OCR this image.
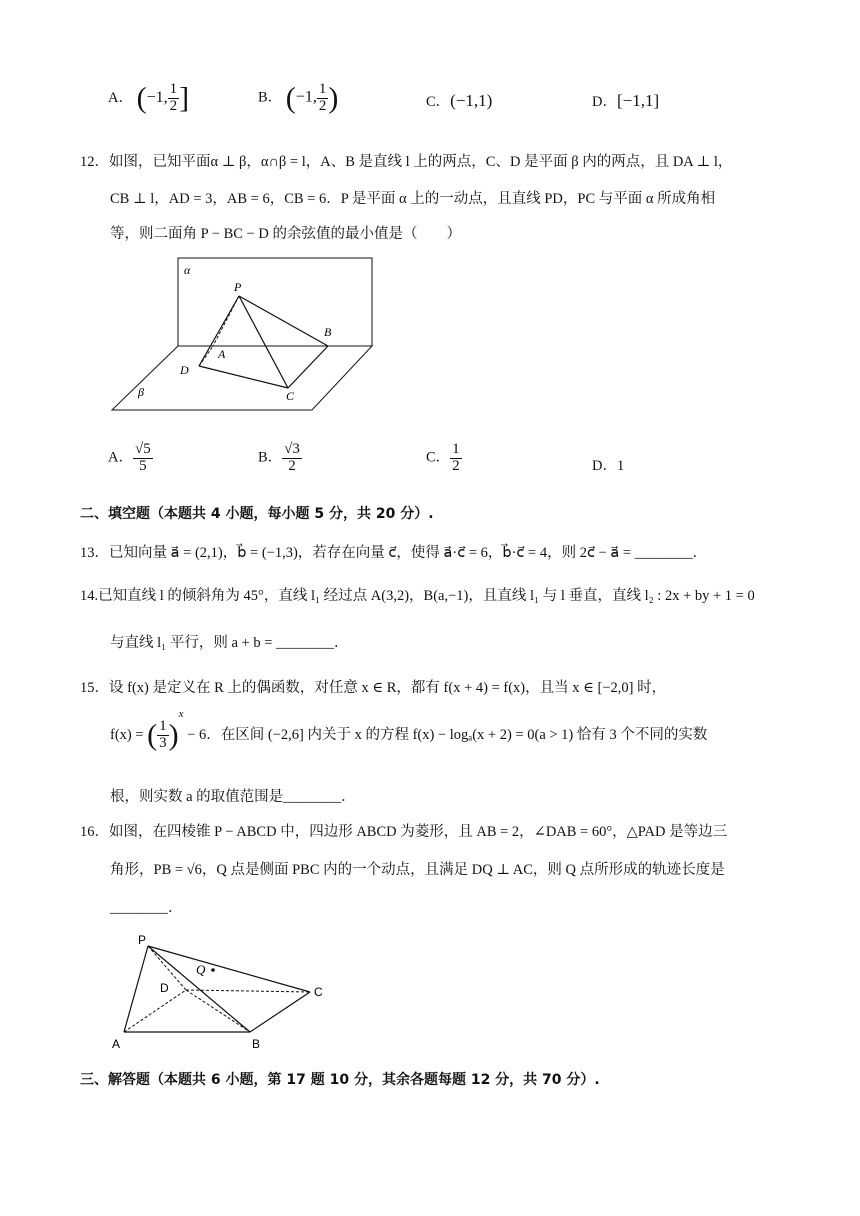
A． (−1, $\frac{1}{2}$ ]	B． (−1, $\frac{1}{2}$ )	C．(−1,1)	D．[−1,1]
12．如图，已知平面α ⊥ β，α∩β = l，A、B 是直线 l 上的两点，C、D 是平面 β 内的两点，且 DA ⊥ l，
CB ⊥ l，AD = 3，AB = 6，CB = 6．P 是平面 α 上的一动点，且直线 PD，PC 与平面 α 所成角相
等，则二面角 P − BC − D 的余弦值的最小值是（　　）
α
β
P
A
B
C
D
A． $\frac{√5}{5}$	B． $\frac{√3}{2}$	C． $\frac{1}{2}$	D．1
二、填空题（本题共 4 小题，每小题 5 分，共 20 分）.
13．已知向量 a⃗ = (2,1)，b⃗ = (−1,3)，若存在向量 c⃗，使得 a⃗·c⃗ = 6，b⃗·c⃗ = 4，则 2c⃗ − a⃗ = ________．
14.已知直线 l 的倾斜角为 45°，直线 l₁ 经过点 A(3,2)，B(a,−1)，且直线 l₁ 与 l 垂直，直线 l₂ : 2x + by + 1 = 0
与直线 l₁ 平行，则 a + b = ________．
15．设 f(x) 是定义在 R 上的偶函数，对任意 x ∈ R，都有 f(x + 4) = f(x)，且当 x ∈ [−2,0] 时，
f(x) = ( $\frac{1}{3} )^x - 6$．在区间 (−2,6] 内关于 x 的方程 f(x) − logₐ(x + 2) = 0(a > 1) 恰有 3 个不同的实数
根，则实数 a 的取值范围是________．
16．如图，在四棱锥 P − ABCD 中，四边形 ABCD 为菱形，且 AB = 2，∠DAB = 60°，△PAD 是等边三
角形，PB = √6，Q 点是侧面 PBC 内的一个动点，且满足 DQ ⊥ AC，则 Q 点所形成的轨迹长度是
________．
P
Q
D	C
A	B
三、解答题（本题共 6 小题，第 17 题 10 分，其余各题每题 12 分，共 70 分）.
